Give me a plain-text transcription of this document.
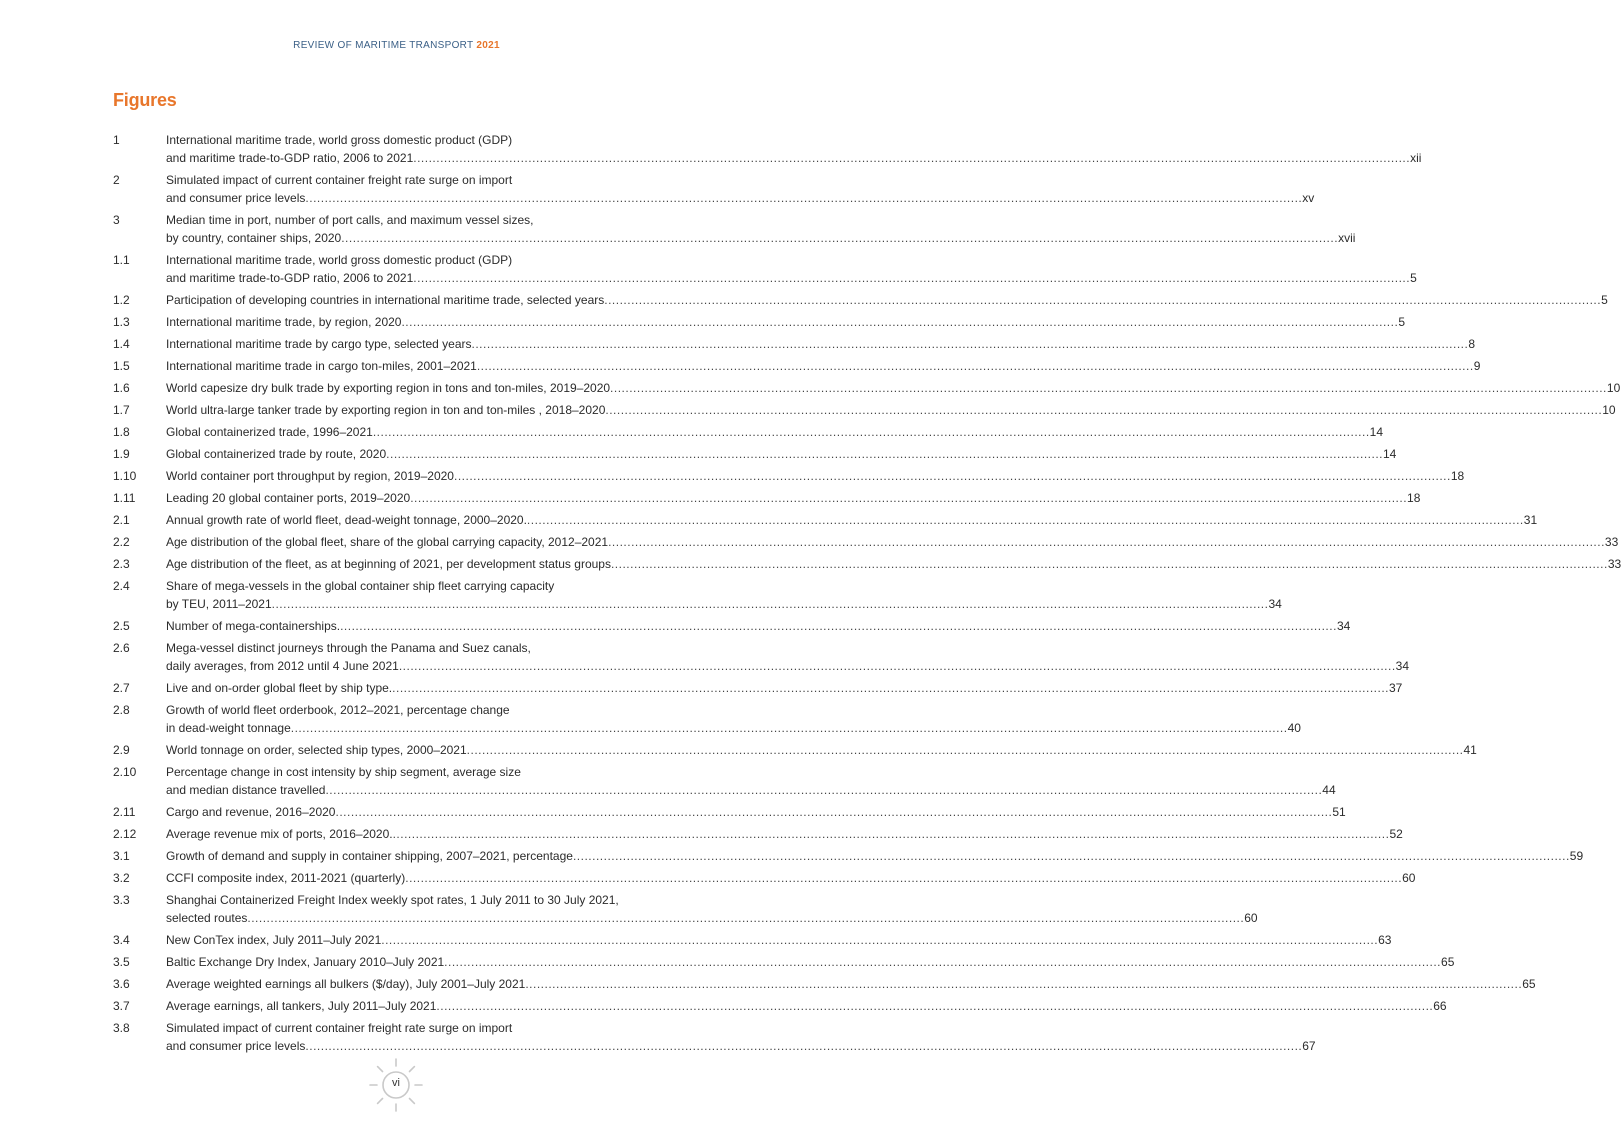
REVIEW OF MARITIME TRANSPORT 2021
Figures
1	International maritime trade, world gross domestic product (GDP)
and maritime trade-to-GDP ratio, 2006 to 2021 .................................................................................................................................................................................................................................................................... xii
2	Simulated impact of current container freight rate surge on import
and consumer price levels .................................................................................................................................................................................................................................................................... xv
3	Median time in port, number of port calls, and maximum vessel sizes,
by country, container ships, 2020 .................................................................................................................................................................................................................................................................... xvii
1.1	International maritime trade, world gross domestic product (GDP)
and maritime trade-to-GDP ratio, 2006 to 2021 .................................................................................................................................................................................................................................................................... 5
1.2	Participation of developing countries in international maritime trade, selected years .................................................................................................................................................................................................................................................................... 5
1.3	International maritime trade, by region, 2020 .................................................................................................................................................................................................................................................................... 5
1.4	International maritime trade by cargo type, selected years .................................................................................................................................................................................................................................................................... 8
1.5	International maritime trade in cargo ton-miles, 2001–2021 .................................................................................................................................................................................................................................................................... 9
1.6	World capesize dry bulk trade by exporting region in tons and ton-miles, 2019–2020 .................................................................................................................................................................................................................................................................... 10
1.7	World ultra-large tanker trade by exporting region in ton and ton-miles , 2018–2020 .................................................................................................................................................................................................................................................................... 10
1.8	Global containerized trade, 1996–2021 .................................................................................................................................................................................................................................................................... 14
1.9	Global containerized trade by route, 2020 .................................................................................................................................................................................................................................................................... 14
1.10	World container port throughput by region, 2019–2020 .................................................................................................................................................................................................................................................................... 18
1.11	Leading 20 global container ports, 2019–2020 .................................................................................................................................................................................................................................................................... 18
2.1	Annual growth rate of world fleet, dead-weight tonnage, 2000–2020. .................................................................................................................................................................................................................................................................... 31
2.2	Age distribution of the global fleet, share of the global carrying capacity, 2012–2021 .................................................................................................................................................................................................................................................................... 33
2.3	Age distribution of the fleet, as at beginning of 2021, per development status groups .................................................................................................................................................................................................................................................................... 33
2.4	Share of mega-vessels in the global container ship fleet carrying capacity
by TEU, 2011–2021 .................................................................................................................................................................................................................................................................... 34
2.5	Number of mega-containerships. .................................................................................................................................................................................................................................................................... 34
2.6	Mega-vessel distinct journeys through the Panama and Suez canals,
daily averages, from 2012 until 4 June 2021 .................................................................................................................................................................................................................................................................... 34
2.7	Live and on-order global fleet by ship type. .................................................................................................................................................................................................................................................................... 37
2.8	Growth of world fleet orderbook, 2012–2021, percentage change
in dead-weight tonnage .................................................................................................................................................................................................................................................................... 40
2.9	World tonnage on order, selected ship types, 2000–2021 .................................................................................................................................................................................................................................................................... 41
2.10	Percentage change in cost intensity by ship segment, average size
and median distance travelled .................................................................................................................................................................................................................................................................... 44
2.11	Cargo and revenue, 2016–2020 .................................................................................................................................................................................................................................................................... 51
2.12	Average revenue mix of ports, 2016–2020. .................................................................................................................................................................................................................................................................... 52
3.1	Growth of demand and supply in container shipping, 2007–2021, percentage .................................................................................................................................................................................................................................................................... 59
3.2	CCFI composite index, 2011-2021 (quarterly) .................................................................................................................................................................................................................................................................... 60
3.3	Shanghai Containerized Freight Index weekly spot rates, 1 July 2011 to 30 July 2021,
selected routes .................................................................................................................................................................................................................................................................... 60
3.4	New ConTex index, July 2011–July 2021 .................................................................................................................................................................................................................................................................... 63
3.5	Baltic Exchange Dry Index, January 2010–July 2021 .................................................................................................................................................................................................................................................................... 65
3.6	Average weighted earnings all bulkers ($/day), July 2001–July 2021 .................................................................................................................................................................................................................................................................... 65
3.7	Average earnings, all tankers, July 2011–July 2021 .................................................................................................................................................................................................................................................................... 66
3.8	Simulated impact of current container freight rate surge on import
and consumer price levels .................................................................................................................................................................................................................................................................... 67
vi
